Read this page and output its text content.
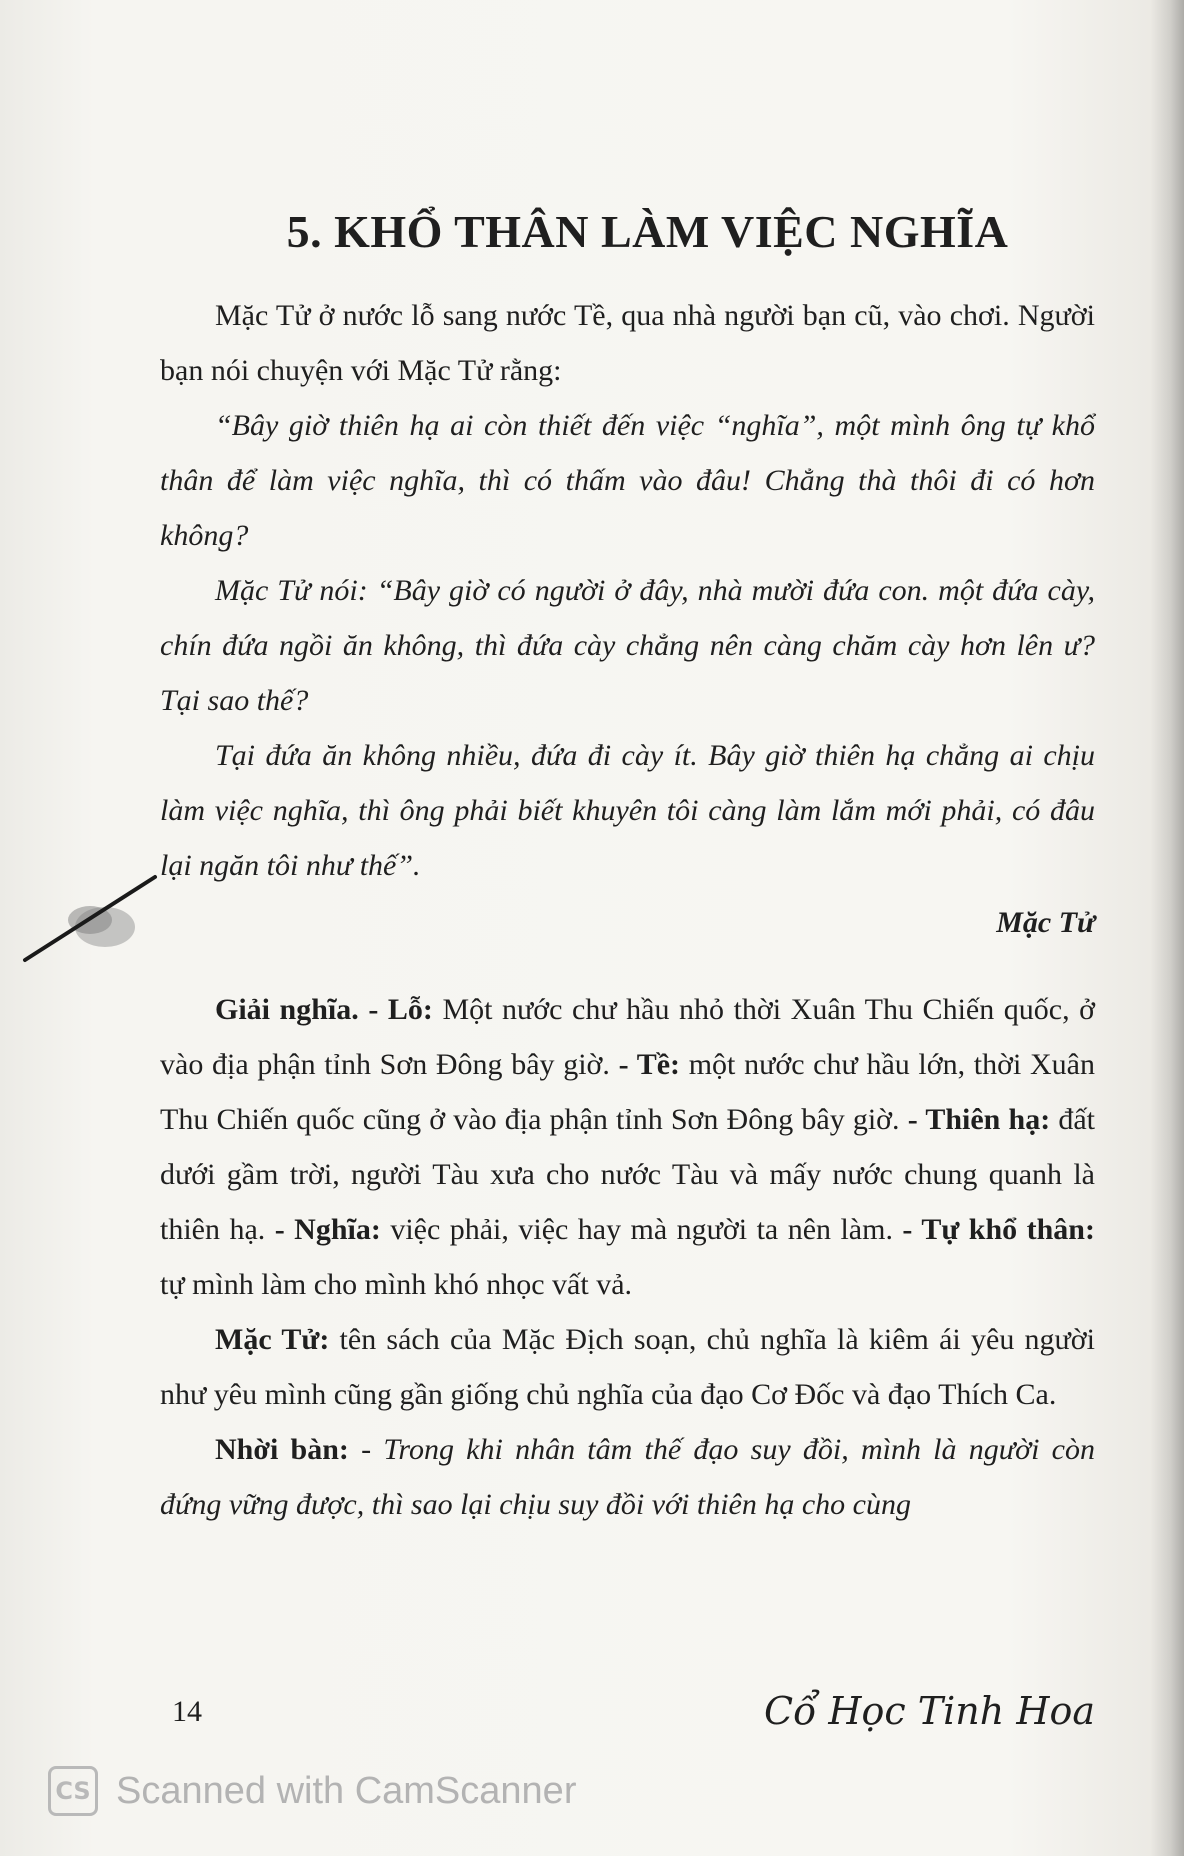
5. KHỔ THÂN LÀM VIỆC NGHĨA

Mặc Tử ở nước lỗ sang nước Tề, qua nhà người bạn cũ, vào chơi. Người bạn nói chuyện với Mặc Tử rằng:

“Bây giờ thiên hạ ai còn thiết đến việc “nghĩa”, một mình ông tự khổ thân để làm việc nghĩa, thì có thấm vào đâu! Chẳng thà thôi đi có hơn không?

Mặc Tử nói: “Bây giờ có người ở đây, nhà mười đứa con. một đứa cày, chín đứa ngồi ăn không, thì đứa cày chẳng nên càng chăm cày hơn lên ư? Tại sao thế?

Tại đứa ăn không nhiều, đứa đi cày ít. Bây giờ thiên hạ chẳng ai chịu làm việc nghĩa, thì ông phải biết khuyên tôi càng làm lắm mới phải, có đâu lại ngăn tôi như thế”.

Mặc Tử

Giải nghĩa. - Lỗ: Một nước chư hầu nhỏ thời Xuân Thu Chiến quốc, ở vào địa phận tỉnh Sơn Đông bây giờ. - Tề: một nước chư hầu lớn, thời Xuân Thu Chiến quốc cũng ở vào địa phận tỉnh Sơn Đông bây giờ. - Thiên hạ: đất dưới gầm trời, người Tàu xưa cho nước Tàu và mấy nước chung quanh là thiên hạ. - Nghĩa: việc phải, việc hay mà người ta nên làm. - Tự khổ thân: tự mình làm cho mình khó nhọc vất vả.

Mặc Tử: tên sách của Mặc Địch soạn, chủ nghĩa là kiêm ái yêu người như yêu mình cũng gần giống chủ nghĩa của đạo Cơ Đốc và đạo Thích Ca.

Nhời bàn: - Trong khi nhân tâm thế đạo suy đồi, mình là người còn đứng vững được, thì sao lại chịu suy đồi với thiên hạ cho cùng

14	Cổ Học Tinh Hoa
CS Scanned with CamScanner
